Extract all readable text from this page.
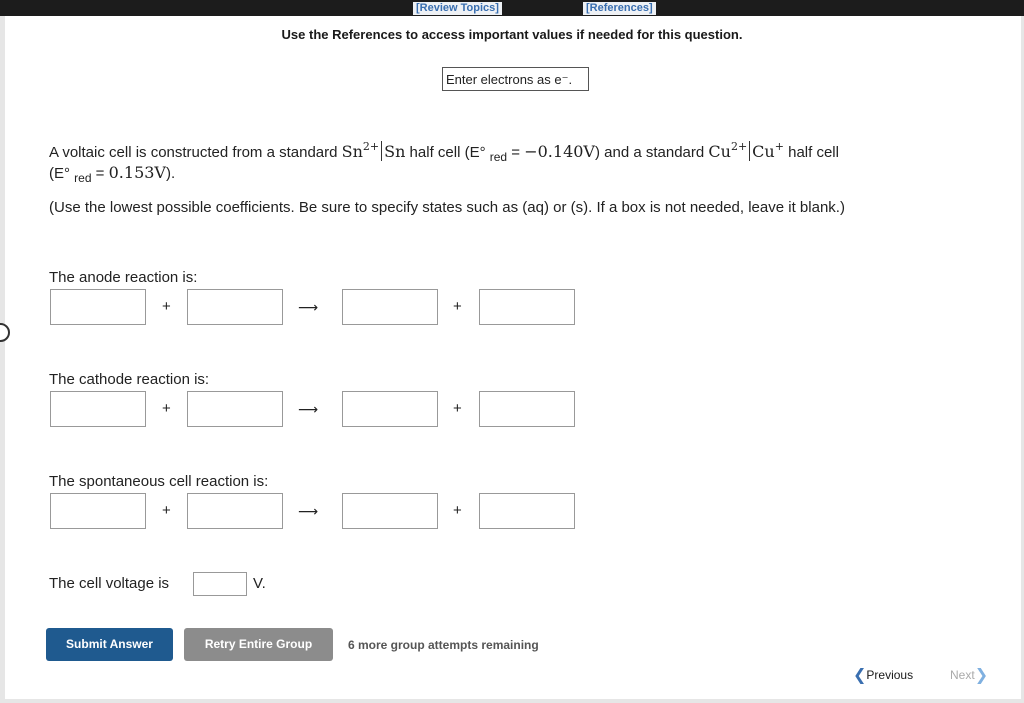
[Review Topics]	[References]
Use the References to access important values if needed for this question.
Enter electrons as e⁻.
A voltaic cell is constructed from a standard $Sn^{2+}$ Sn half cell (E° $_{red}$ = −0.140V) and a standard $Cu^{2+}$ Cu+ half cell
(E° $_{red}$ = 0.153V).
(Use the lowest possible coefficients. Be sure to specify states such as (aq) or (s). If a box is not needed, leave it blank.)
The anode reaction is:
+	⟶	+
The cathode reaction is:
+	⟶	+
The spontaneous cell reaction is:
+	⟶	+
The cell voltage is	V.
Submit Answer	Retry Entire Group	6 more group attempts remaining
❮Previous	Next❯
